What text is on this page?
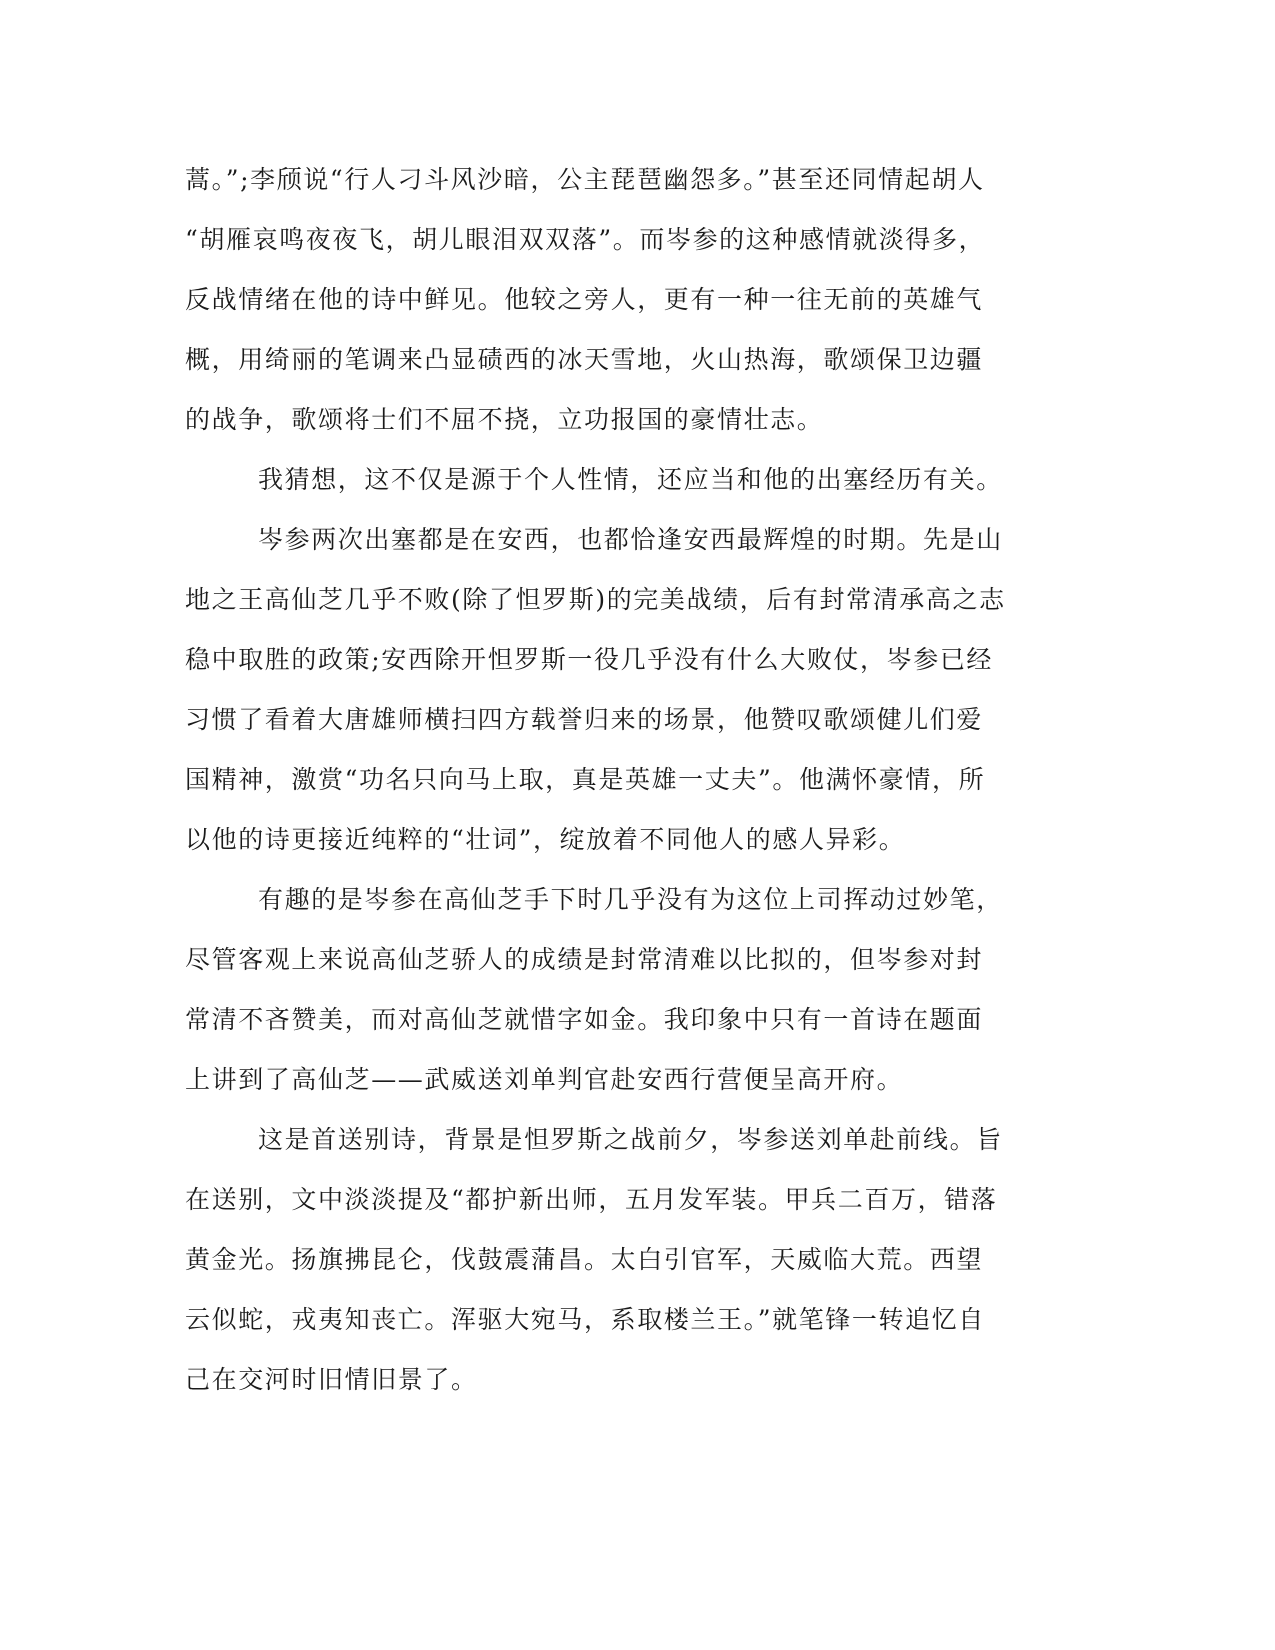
蒿。”;李颀说“行人刁斗风沙暗，公主琵琶幽怨多。”甚至还同情起胡人
“胡雁哀鸣夜夜飞，胡儿眼泪双双落”。而岑参的这种感情就淡得多，
反战情绪在他的诗中鲜见。他较之旁人，更有一种一往无前的英雄气
概，用绮丽的笔调来凸显碛西的冰天雪地，火山热海，歌颂保卫边疆
的战争，歌颂将士们不屈不挠，立功报国的豪情壮志。
我猜想，这不仅是源于个人性情，还应当和他的出塞经历有关。
岑参两次出塞都是在安西，也都恰逢安西最辉煌的时期。先是山
地之王高仙芝几乎不败(除了怛罗斯)的完美战绩，后有封常清承高之志
稳中取胜的政策;安西除开怛罗斯一役几乎没有什么大败仗，岑参已经
习惯了看着大唐雄师横扫四方载誉归来的场景，他赞叹歌颂健儿们爱
国精神，激赏“功名只向马上取，真是英雄一丈夫”。他满怀豪情，所
以他的诗更接近纯粹的“壮词”，绽放着不同他人的感人异彩。
有趣的是岑参在高仙芝手下时几乎没有为这位上司挥动过妙笔，
尽管客观上来说高仙芝骄人的成绩是封常清难以比拟的，但岑参对封
常清不吝赞美，而对高仙芝就惜字如金。我印象中只有一首诗在题面
上讲到了高仙芝——武威送刘单判官赴安西行营便呈高开府。
这是首送别诗，背景是怛罗斯之战前夕，岑参送刘单赴前线。旨
在送别，文中淡淡提及“都护新出师，五月发军装。甲兵二百万，错落
黄金光。扬旗拂昆仑，伐鼓震蒲昌。太白引官军，天威临大荒。西望
云似蛇，戎夷知丧亡。浑驱大宛马，系取楼兰王。”就笔锋一转追忆自
己在交河时旧情旧景了。
